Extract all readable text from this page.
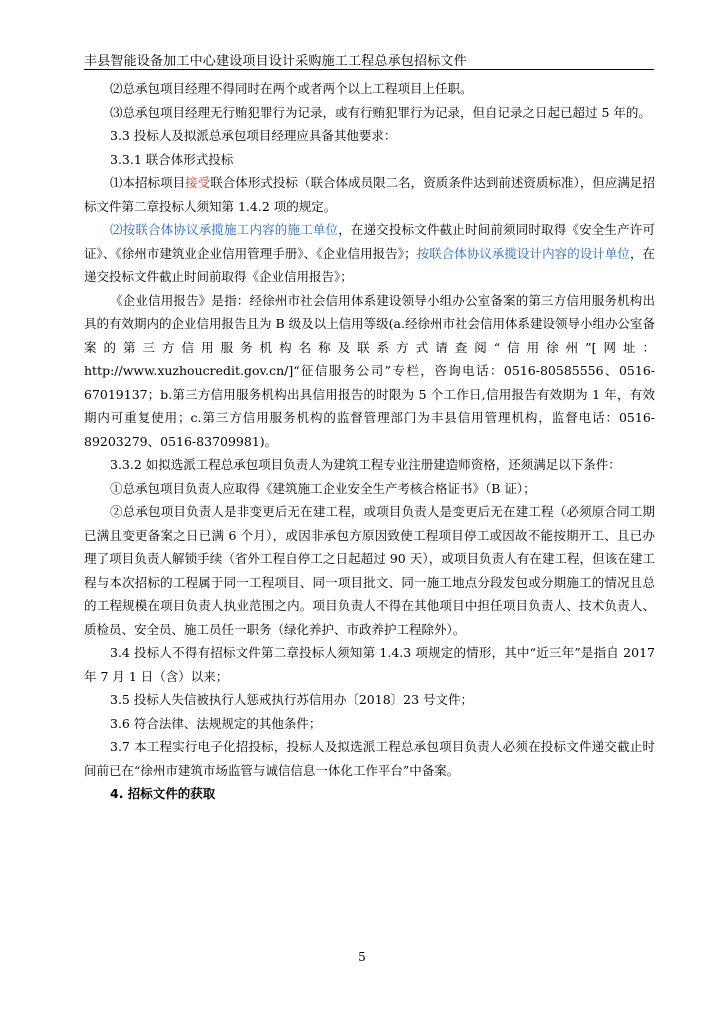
丰县智能设备加工中心建设项目设计采购施工工程总承包招标文件

⑵总承包项目经理不得同时在两个或者两个以上工程项目上任职。

⑶总承包项目经理无行贿犯罪行为记录，或有行贿犯罪行为记录，但自记录之日起已超过 5 年的。

3.3 投标人及拟派总承包项目经理应具备其他要求：

3.3.1 联合体形式投标

⑴本招标项目接受联合体形式投标（联合体成员限二名，资质条件达到前述资质标准），但应满足招标文件第二章投标人须知第 1.4.2 项的规定。

⑵按联合体协议承揽施工内容的施工单位，在递交投标文件截止时间前须同时取得《安全生产许可证》、《徐州市建筑业企业信用管理手册》、《企业信用报告》；按联合体协议承揽设计内容的设计单位，在递交投标文件截止时间前取得《企业信用报告》；

《企业信用报告》是指：经徐州市社会信用体系建设领导小组办公室备案的第三方信用服务机构出具的有效期内的企业信用报告且为 B 级及以上信用等级(a.经徐州市社会信用体系建设领导小组办公室备案的第三方信用服务机构名称及联系方式请查阅“信用徐州”[网址：http://www.xuzhoucredit.gov.cn/]“征信服务公司”专栏，咨询电话：0516-80585556、0516-67019137；b.第三方信用服务机构出具信用报告的时限为 5 个工作日,信用报告有效期为 1 年，有效期内可重复使用；c.第三方信用服务机构的监督管理部门为丰县信用管理机构，监督电话：0516-89203279、0516-83709981)。

3.3.2 如拟选派工程总承包项目负责人为建筑工程专业注册建造师资格，还须满足以下条件：

①总承包项目负责人应取得《建筑施工企业安全生产考核合格证书》（B 证）；

②总承包项目负责人是非变更后无在建工程，或项目负责人是变更后无在建工程（必须原合同工期已满且变更备案之日已满 6 个月），或因非承包方原因致使工程项目停工或因故不能按期开工、且已办理了项目负责人解锁手续（省外工程自停工之日起超过 90 天），或项目负责人有在建工程，但该在建工程与本次招标的工程属于同一工程项目、同一项目批文、同一施工地点分段发包或分期施工的情况且总的工程规模在项目负责人执业范围之内。项目负责人不得在其他项目中担任项目负责人、技术负责人、质检员、安全员、施工员任一职务（绿化养护、市政养护工程除外）。

3.4 投标人不得有招标文件第二章投标人须知第 1.4.3 项规定的情形，其中“近三年”是指自 2017 年 7 月 1 日（含）以来；

3.5 投标人失信被执行人惩戒执行苏信用办〔2018〕23 号文件；

3.6 符合法律、法规规定的其他条件；

3.7 本工程实行电子化招投标，投标人及拟选派工程总承包项目负责人必须在投标文件递交截止时间前已在“徐州市建筑市场监管与诚信信息一体化工作平台”中备案。

4. 招标文件的获取

5
